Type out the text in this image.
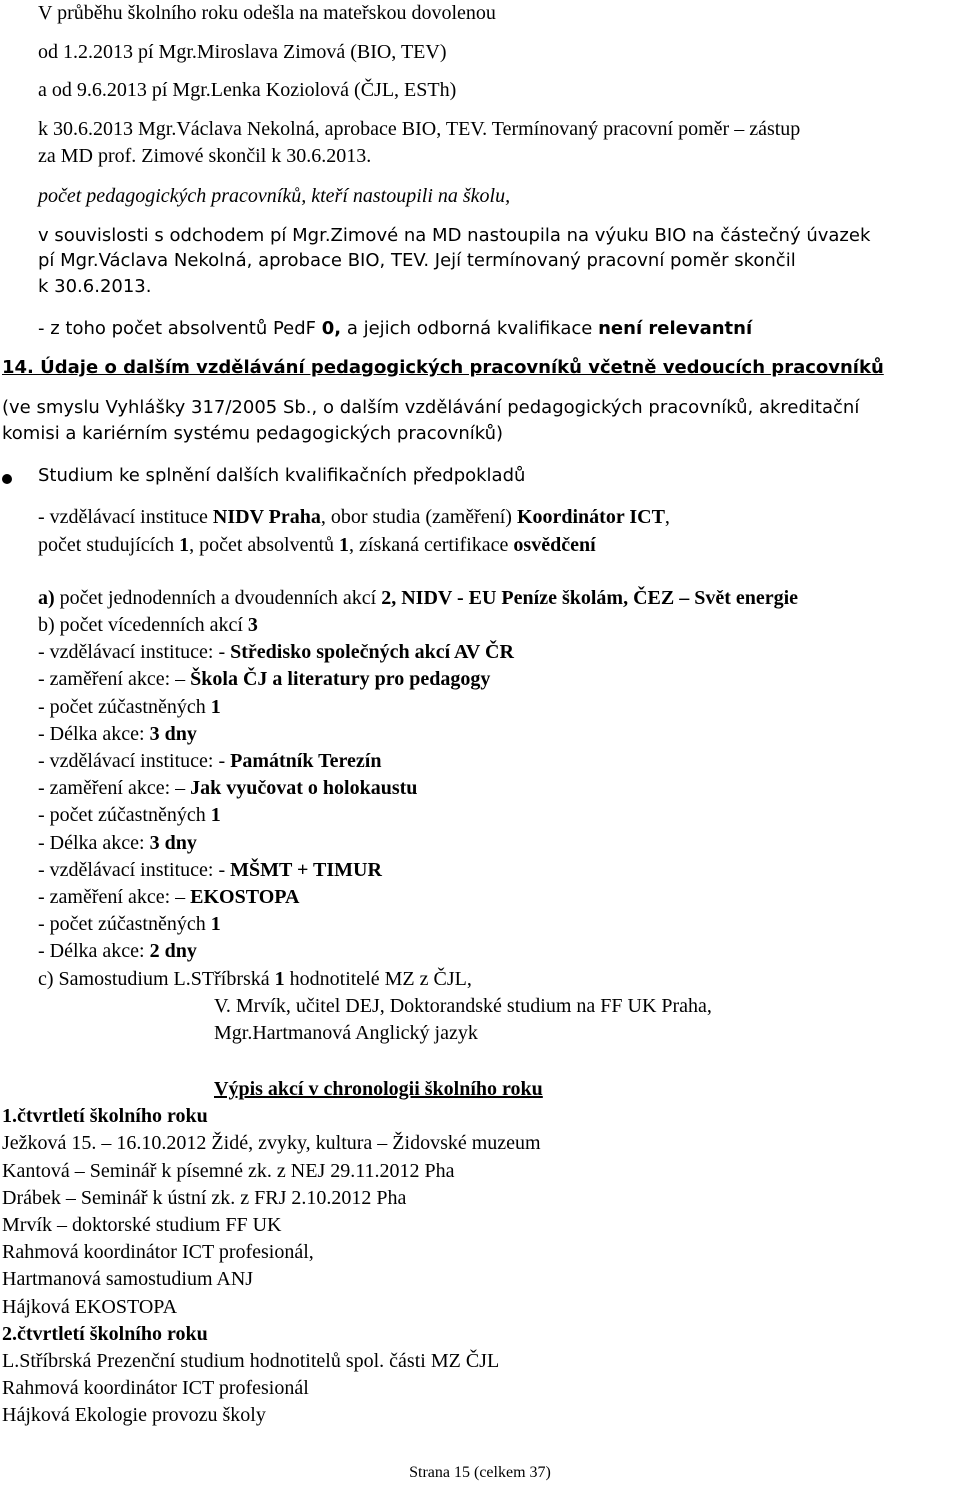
V průběhu školního roku odešla na mateřskou dovolenou
od 1.2.2013 pí Mgr.Miroslava Zimová (BIO, TEV)
a od 9.6.2013 pí Mgr.Lenka Koziolová (ČJL, ESTh)
k 30.6.2013 Mgr.Václava Nekolná, aprobace BIO, TEV. Termínovaný pracovní poměr – zástup
za MD prof. Zimové skončil k 30.6.2013.
počet pedagogických pracovníků, kteří nastoupili na školu,
v souvislosti s odchodem pí Mgr.Zimové na MD nastoupila na výuku BIO na částečný úvazek
pí Mgr.Václava Nekolná, aprobace BIO, TEV. Její termínovaný pracovní poměr skončil
k 30.6.2013.
- z toho počet absolventů PedF 0, a jejich odborná kvalifikace není relevantní
14. Údaje o dalším vzdělávání pedagogických pracovníků včetně vedoucích pracovníků
(ve smyslu Vyhlášky 317/2005 Sb., o dalším vzdělávání pedagogických pracovníků, akreditační
komisi a kariérním systému pedagogických pracovníků)
Studium ke splnění dalších kvalifikačních předpokladů
- vzdělávací instituce NIDV Praha, obor studia (zaměření) Koordinátor ICT,
počet studujících 1, počet absolventů 1, získaná certifikace osvědčení
a) počet jednodenních a dvoudenních akcí 2, NIDV - EU Peníze školám, ČEZ – Svět energie
b) počet vícedenních akcí 3
- vzdělávací instituce: - Středisko společných akcí AV ČR
- zaměření akce: – Škola ČJ a literatury pro pedagogy
- počet zúčastněných 1
- Délka akce: 3 dny
- vzdělávací instituce: - Památník Terezín
- zaměření akce: – Jak vyučovat o holokaustu
- počet zúčastněných 1
- Délka akce: 3 dny
- vzdělávací instituce: - MŠMT + TIMUR
- zaměření akce: – EKOSTOPA
- počet zúčastněných 1
- Délka akce: 2 dny
c) Samostudium L.STříbrská 1 hodnotitelé MZ z ČJL,
V. Mrvík, učitel DEJ, Doktorandské studium na FF UK Praha,
Mgr.Hartmanová Anglický jazyk
Výpis akcí v chronologii školního roku
1.čtvrtletí školního roku
Ježková 15. – 16.10.2012 Židé, zvyky, kultura – Židovské muzeum
Kantová – Seminář k písemné zk. z NEJ 29.11.2012 Pha
Drábek – Seminář k ústní zk. z FRJ 2.10.2012 Pha
Mrvík – doktorské studium FF UK
Rahmová koordinátor ICT profesionál,
Hartmanová samostudium ANJ
Hájková EKOSTOPA
2.čtvrtletí školního roku
L.Stříbrská Prezenční studium hodnotitelů spol. části MZ ČJL
Rahmová koordinátor ICT profesionál
Hájková Ekologie provozu školy
Strana 15 (celkem 37)
